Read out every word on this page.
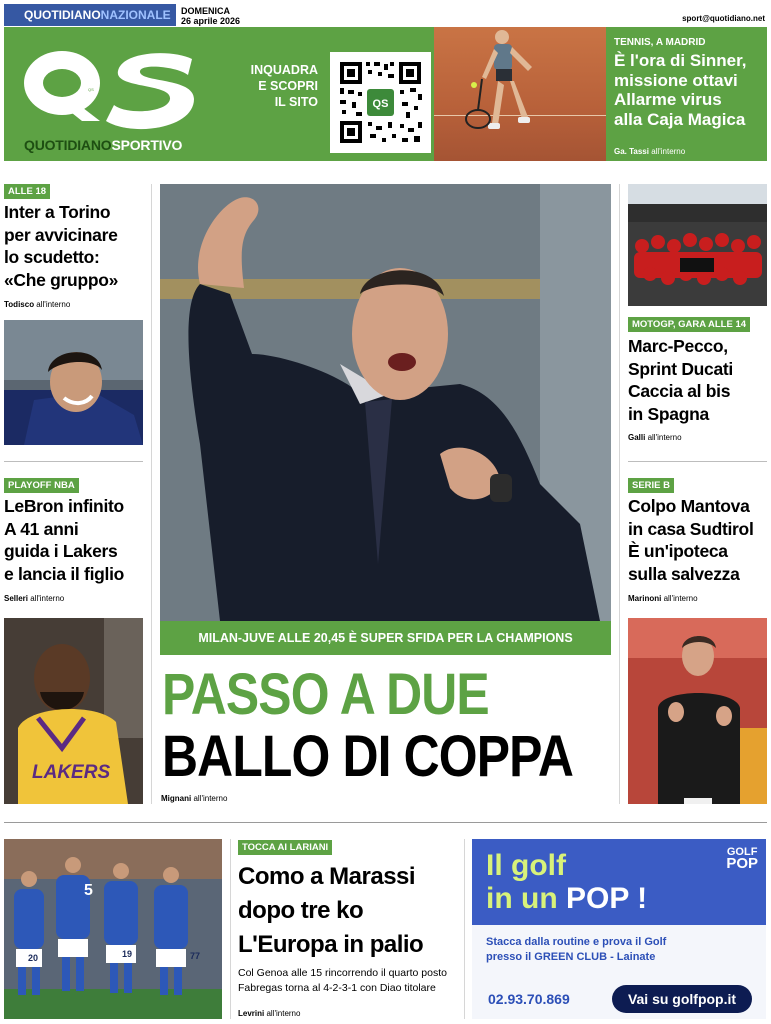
QUOTIDIANONAZIONALE	DOMENICA
26 aprile 2026	sport@quotidiano.net
QS
QUOTIDIANOSPORTIVO
INQUADRA
E SCOPRI
IL SITO	QS
TENNIS, A MADRID
È l'ora di Sinner,
missione ottavi
Allarme virus
alla Caja Magica
Ga. Tassi all'interno
ALLE 18
Inter a Torino
per avvicinare
lo scudetto:
«Che gruppo»
Todisco all'interno
PLAYOFF NBA
LeBron infinito
A 41 anni
guida i Lakers
e lancia il figlio
Selleri all'interno
LAKERS
MILAN-JUVE ALLE 20,45 È SUPER SFIDA PER LA CHAMPIONS
PASSO A DUE
BALLO DI COPPA
Mignani all'interno
MOTOGP, GARA ALLE 14
Marc-Pecco,
Sprint Ducati
Caccia al bis
in Spagna
Galli all'interno
SERIE B
Colpo Mantova
in casa Sudtirol
È un'ipoteca
sulla salvezza
Marinoni all'interno
5
77
20	19
TOCCA AI LARIANI
Como a Marassi
dopo tre ko
L'Europa in palio
Col Genoa alle 15 rincorrendo il quarto posto
Fabregas torna al 4-2-3-1 con Diao titolare
Levrini all'interno
GOLF
POP
Il golf
in un POP !
Stacca dalla routine e prova il Golf
presso il GREEN CLUB - Lainate
02.93.70.869	Vai su golfpop.it
